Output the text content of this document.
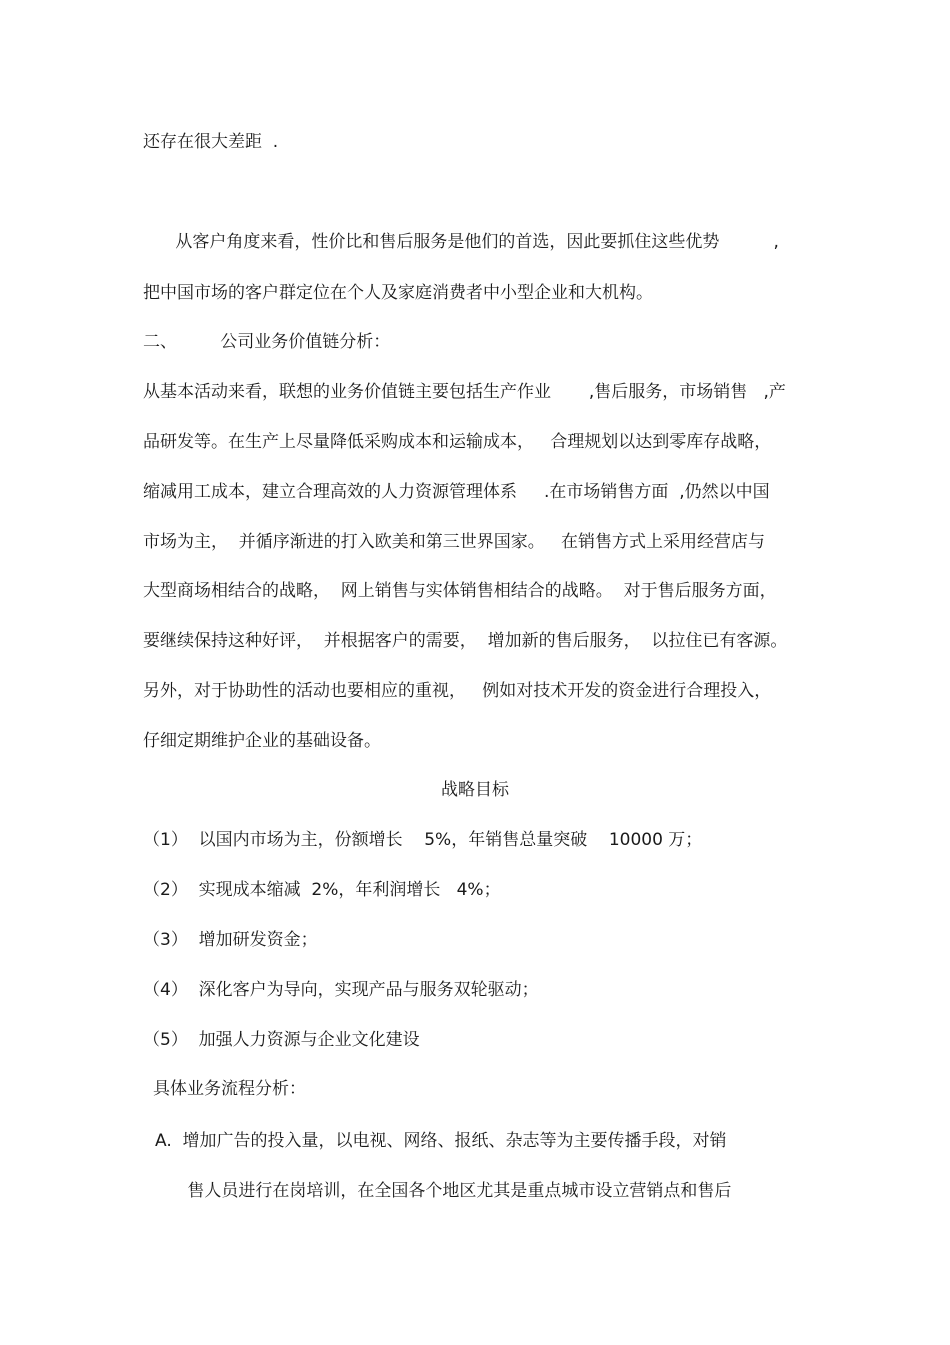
还存在很大差距  .
从客户角度来看，性价比和售后服务是他们的首选，因此要抓住这些优势          ,
把中国市场的客户群定位在个人及家庭消费者中小型企业和大机构。
二、        公司业务价值链分析：
从基本活动来看，联想的业务价值链主要包括生产作业       ,售后服务，市场销售   ,产
品研发等。在生产上尽量降低采购成本和运输成本，   合理规划以达到零库存战略，
缩减用工成本，建立合理高效的人力资源管理体系     .在市场销售方面  ,仍然以中国
市场为主，  并循序渐进的打入欧美和第三世界国家。   在销售方式上采用经营店与
大型商场相结合的战略，  网上销售与实体销售相结合的战略。  对于售后服务方面，
要继续保持这种好评，  并根据客户的需要，  增加新的售后服务，  以拉住已有客源。
另外，对于协助性的活动也要相应的重视，   例如对技术开发的资金进行合理投入，
仔细定期维护企业的基础设备。
战略目标
（1）  以国内市场为主，份额增长    5%，年销售总量突破    10000 万；
（2）  实现成本缩减  2%，年利润增长   4%；
（3）  增加研发资金；
（4）  深化客户为导向，实现产品与服务双轮驱动；
（5）  加强人力资源与企业文化建设
具体业务流程分析：
A.  增加广告的投入量，以电视、网络、报纸、杂志等为主要传播手段，对销
售人员进行在岗培训，在全国各个地区尤其是重点城市设立营销点和售后
